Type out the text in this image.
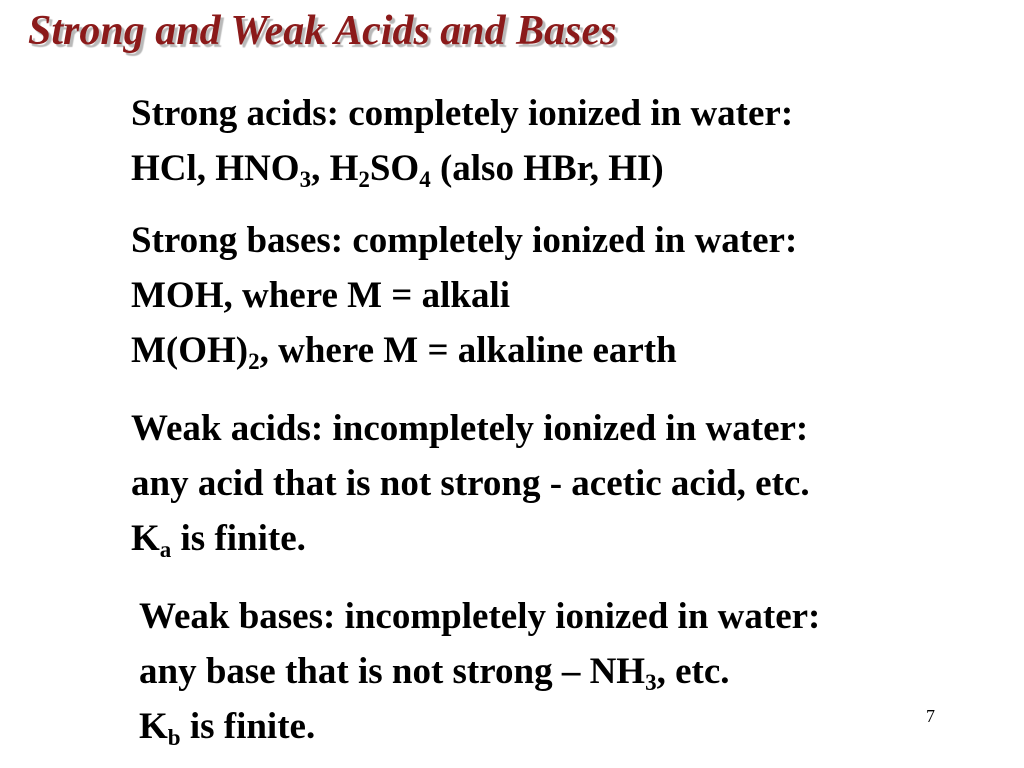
Strong and Weak Acids and Bases
Strong acids: completely ionized in water:
HCl, $HNO_3$, $H_2SO_4$ (also HBr, HI)
Strong bases: completely ionized in water:
MOH, where M = alkali
$M(OH)_2$, where M = alkaline earth
Weak acids: incompletely ionized in water:
any acid that is not strong - acetic acid, etc.
$K_a$ is finite.
Weak bases: incompletely ionized in water:
any base that is not strong – $NH_3$, etc.
$K_b$ is finite.	7
